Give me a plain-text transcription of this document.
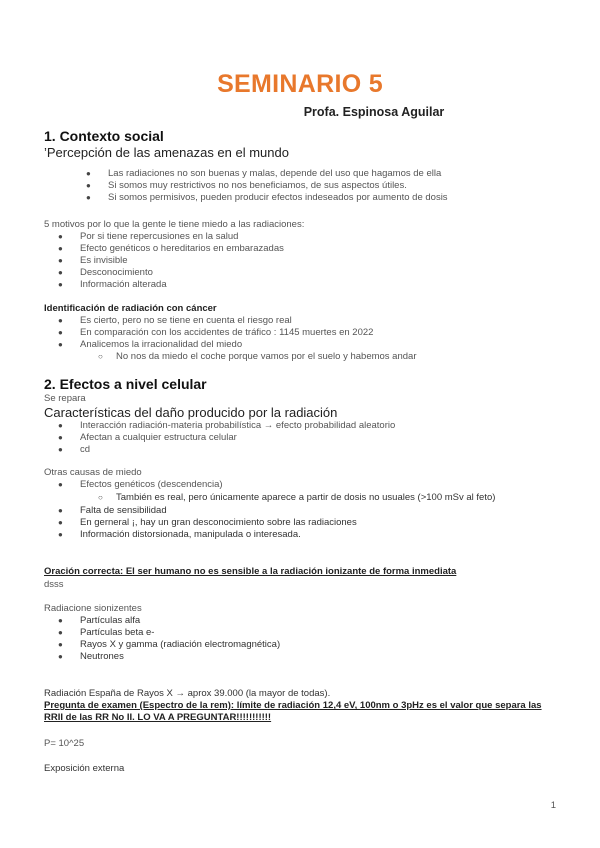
SEMINARIO 5
Profa. Espinosa Aguilar
1. Contexto social
’Percepción de las amenazas en el mundo
● Las radiaciones no son buenas y malas, depende del uso que hagamos de ella
● Si somos muy restrictivos no nos beneficiamos, de sus aspectos útiles.
● Si somos permisivos, pueden producir efectos indeseados por aumento de dosis
5 motivos por lo que la gente le tiene miedo a las radiaciones:
● Por si tiene repercusiones en la salud
● Efecto genéticos o hereditarios en embarazadas
● Es invisible
● Desconocimiento
● Información alterada
Identificación de radiación con cáncer
● Es cierto, pero no se tiene en cuenta el riesgo real
● En comparación con los accidentes de tráfico : 1145 muertes en 2022
● Analicemos la irracionalidad del miedo
○ No nos da miedo el coche porque vamos por el suelo y habemos andar
2. Efectos a nivel celular
Se repara
Características del daño producido por la radiación
● Interacción radiación-materia probabilística → efecto probabilidad aleatorio
● Afectan a cualquier estructura celular
● cd
Otras causas de miedo
● Efectos genéticos (descendencia)
○ También es real, pero únicamente aparece a partir de dosis no usuales (>100 mSv al feto)
● Falta de sensibilidad
● En gerneral ¡, hay un gran desconocimiento sobre las radiaciones
● Información distorsionada, manipulada o interesada.
Oración correcta: El ser humano no es sensible a la radiación ionizante de forma inmediata
dsss
Radiacione sionizentes
● Partículas alfa
● Partículas beta e-
● Rayos X y gamma (radiación electromagnética)
● Neutrones
Radiación España de Rayos X → aprox 39.000 (la mayor de todas).
Pregunta de examen (Espectro de la rem): límite de radiación 12,4 eV, 100nm o 3pHz es el valor que separa las
RRII de las RR No II. LO VA A PREGUNTAR!!!!!!!!!!!
P= 10^25
Exposición externa
1
